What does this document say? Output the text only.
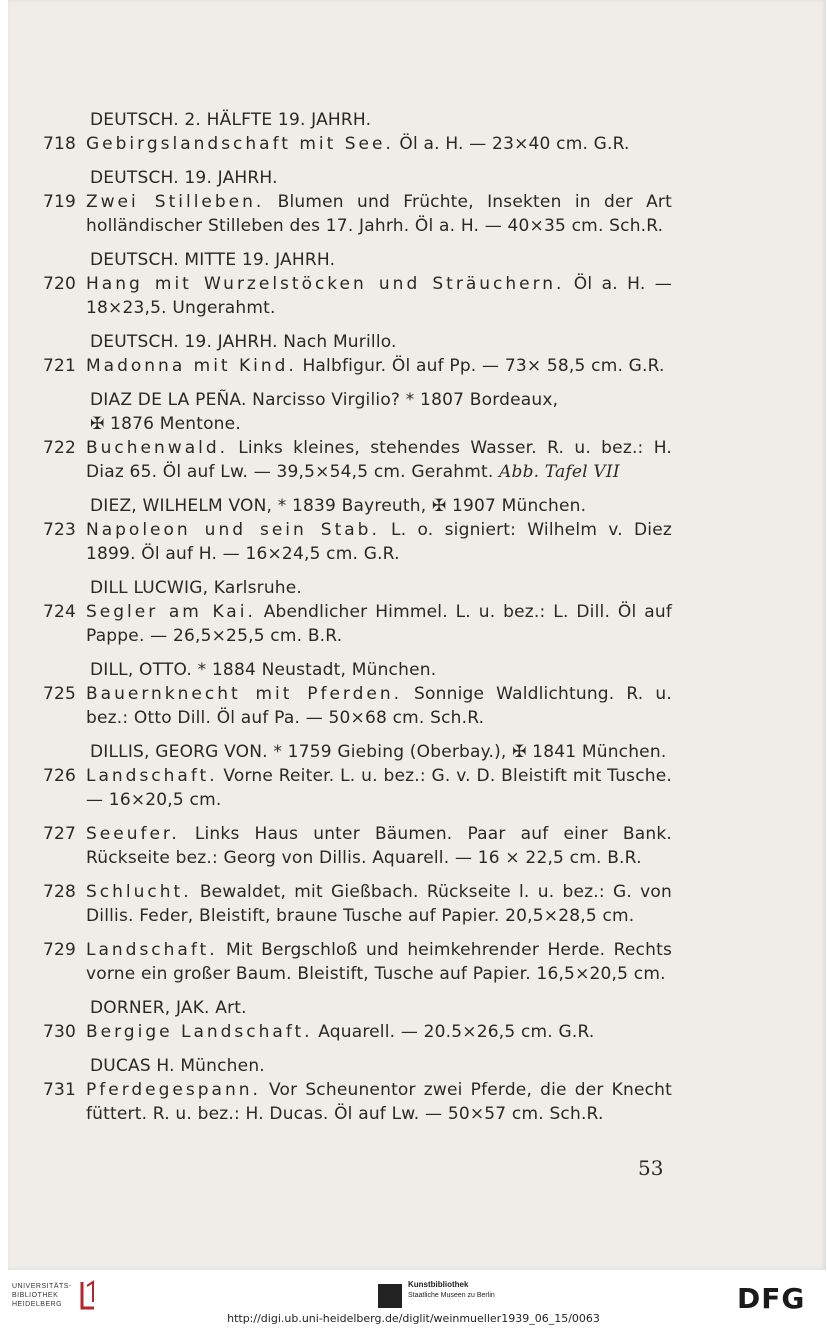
DEUTSCH. 2. HÄLFTE 19. JAHRH.
718 Gebirgslandschaft mit See. Öl a. H. — 23×40 cm. G.R.
DEUTSCH. 19. JAHRH.
719 Zwei Stilleben. Blumen und Früchte, Insekten in der Art holländischer Stilleben des 17. Jahrh. Öl a. H. — 40×35 cm. Sch.R.
DEUTSCH. MITTE 19. JAHRH.
720 Hang mit Wurzelstöcken und Sträuchern. Öl a. H. — 18×23,5. Ungerahmt.
DEUTSCH. 19. JAHRH. Nach Murillo.
721 Madonna mit Kind. Halbfigur. Öl auf Pp. — 73× 58,5 cm. G.R.
DIAZ DE LA PEÑA. Narcisso Virgilio? * 1807 Bordeaux,
✠ 1876 Mentone.
722 Buchenwald. Links kleines, stehendes Wasser. R. u. bez.: H. Diaz 65. Öl auf Lw. — 39,5×54,5 cm. Gerahmt. Abb. Tafel VII
DIEZ, WILHELM VON, * 1839 Bayreuth, ✠ 1907 München.
723 Napoleon und sein Stab. L. o. signiert: Wilhelm v. Diez 1899. Öl auf H. — 16×24,5 cm. G.R.
DILL LUCWIG, Karlsruhe.
724 Segler am Kai. Abendlicher Himmel. L. u. bez.: L. Dill. Öl auf Pappe. — 26,5×25,5 cm. B.R.
DILL, OTTO. * 1884 Neustadt, München.
725 Bauernknecht mit Pferden. Sonnige Waldlichtung. R. u. bez.: Otto Dill. Öl auf Pa. — 50×68 cm. Sch.R.
DILLIS, GEORG VON. * 1759 Giebing (Oberbay.), ✠ 1841 München.
726 Landschaft. Vorne Reiter. L. u. bez.: G. v. D. Bleistift mit Tusche. — 16×20,5 cm.
727 Seeufer. Links Haus unter Bäumen. Paar auf einer Bank. Rückseite bez.: Georg von Dillis. Aquarell. — 16 × 22,5 cm. B.R.
728 Schlucht. Bewaldet, mit Gießbach. Rückseite l. u. bez.: G. von Dillis. Feder, Bleistift, braune Tusche auf Papier. 20,5×28,5 cm.
729 Landschaft. Mit Bergschloß und heimkehrender Herde. Rechts vorne ein großer Baum. Bleistift, Tusche auf Papier. 16,5×20,5 cm.
DORNER, JAK. Art.
730 Bergige Landschaft. Aquarell. — 20.5×26,5 cm. G.R.
DUCAS H. München.
731 Pferdegespann. Vor Scheunentor zwei Pferde, die der Knecht füttert. R. u. bez.: H. Ducas. Öl auf Lw. — 50×57 cm. Sch.R.
53
UNIVERSITÄTS-
BIBLIOTHEK
HEIDELBERG
Kunstbibliothek
Staatliche Museen zu Berlin	DFG
http://digi.ub.uni-heidelberg.de/diglit/weinmueller1939_06_15/0063
